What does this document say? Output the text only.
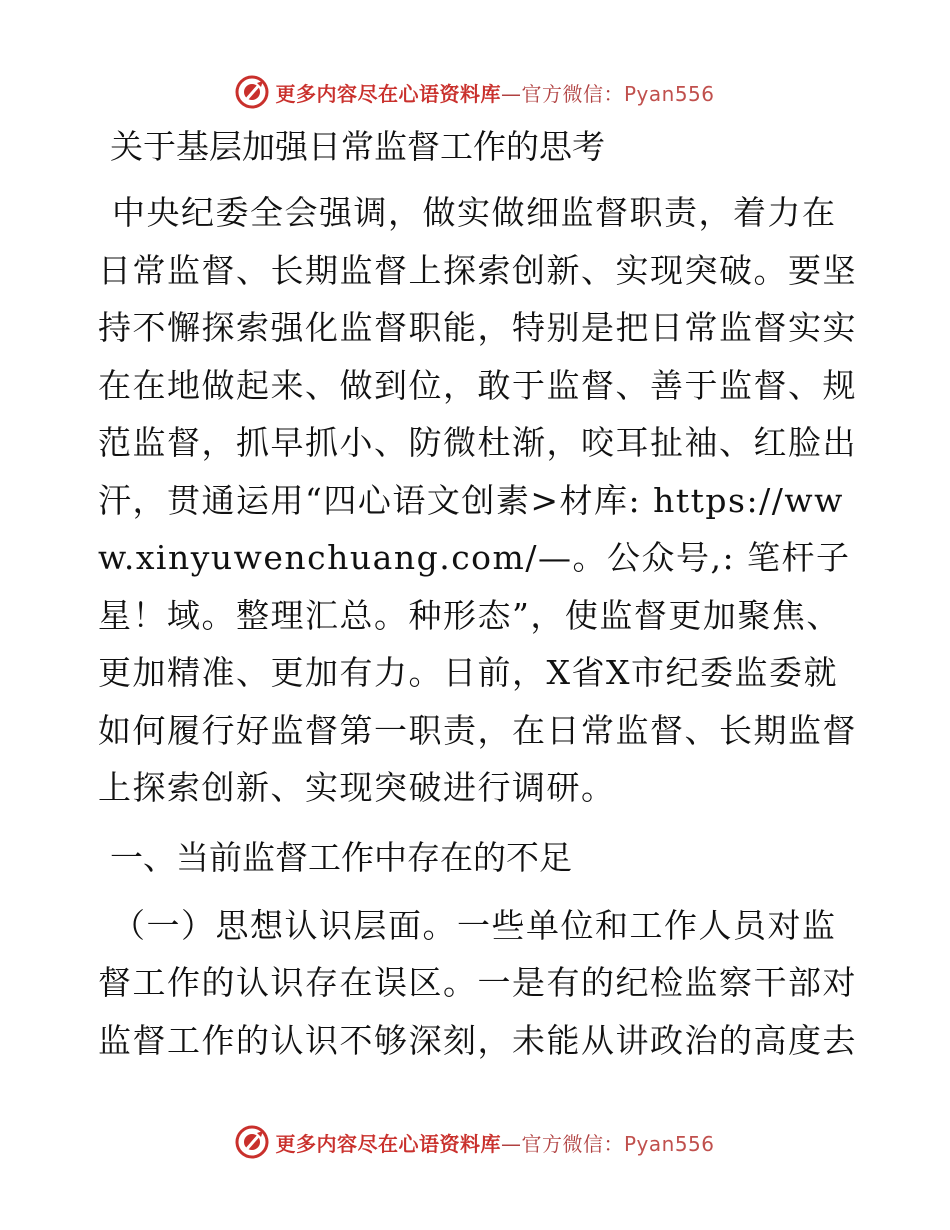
更多内容尽在心语资料库—官方微信：Pyan556
关于基层加强日常监督工作的思考

中央纪委全会强调，做实做细监督职责，着力在日常监督、长期监督上探索创新、实现突破。要坚持不懈探索强化监督职能，特别是把日常监督实实在在地做起来、做到位，敢于监督、善于监督、规范监督，抓早抓小、防微杜渐，咬耳扯袖、红脸出汗，贯通运用“四心语文创素>材库: https://www.xinyuwenchuang.com/—。公众号,: 笔杆子星！域。整理汇总。种形态”，使监督更加聚焦、更加精准、更加有力。日前，X省X市纪委监委就如何履行好监督第一职责，在日常监督、长期监督上探索创新、实现突破进行调研。

一、当前监督工作中存在的不足

（一）思想认识层面。一些单位和工作人员对监督工作的认识存在误区。一是有的纪检监察干部对监督工作的认识不够深刻，未能从讲政治的高度去

更多内容尽在心语资料库—官方微信：Pyan556
